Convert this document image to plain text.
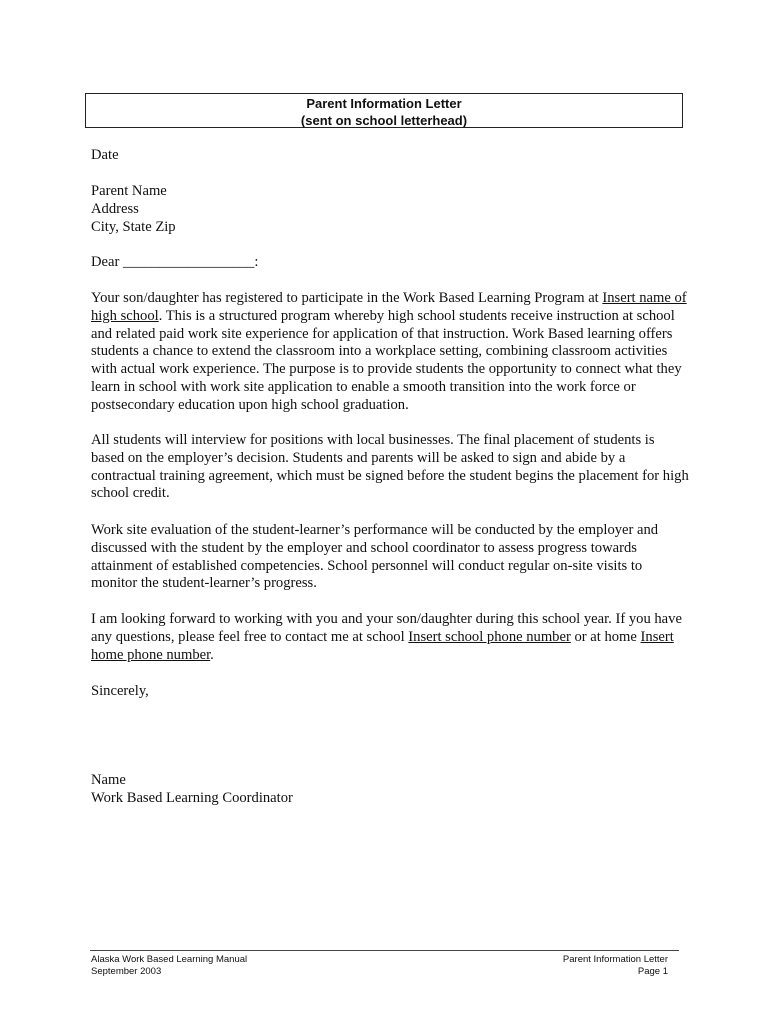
Parent Information Letter
(sent on school letterhead)

Date

Parent Name

Address

City, State Zip

Dear __________________:

Your son/daughter has registered to participate in the Work Based Learning Program at Insert name of high school. This is a structured program whereby high school students receive instruction at school and related paid work site experience for application of that instruction. Work Based learning offers students a chance to extend the classroom into a workplace setting, combining classroom activities with actual work experience. The purpose is to provide students the opportunity to connect what they learn in school with work site application to enable a smooth transition into the work force or postsecondary education upon high school graduation.

All students will interview for positions with local businesses. The final placement of students is based on the employer’s decision. Students and parents will be asked to sign and abide by a contractual training agreement, which must be signed before the student begins the placement for high school credit.

Work site evaluation of the student-learner’s performance will be conducted by the employer and discussed with the student by the employer and school coordinator to assess progress towards attainment of established competencies. School personnel will conduct regular on-site visits to monitor the student-learner’s progress.

I am looking forward to working with you and your son/daughter during this school year. If you have any questions, please feel free to contact me at school Insert school phone number or at home Insert home phone number.

Sincerely,

Name

Work Based Learning Coordinator

Alaska Work Based Learning Manual
September 2003
Parent Information Letter
Page 1
